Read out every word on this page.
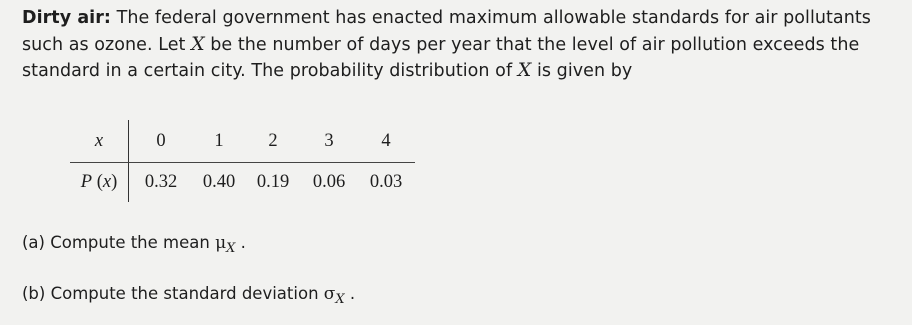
Dirty air: The federal government has enacted maximum allowable standards for air pollutants such as ozone. Let X be the number of days per year that the level of air pollution exceeds the standard in a certain city. The probability distribution of X is given by
x	0	1	2	3	4
P (x)	0.32	0.40	0.19	0.06	0.03
(a) Compute the mean $\mu_X$ .
(b) Compute the standard deviation $\sigma_X$ .
